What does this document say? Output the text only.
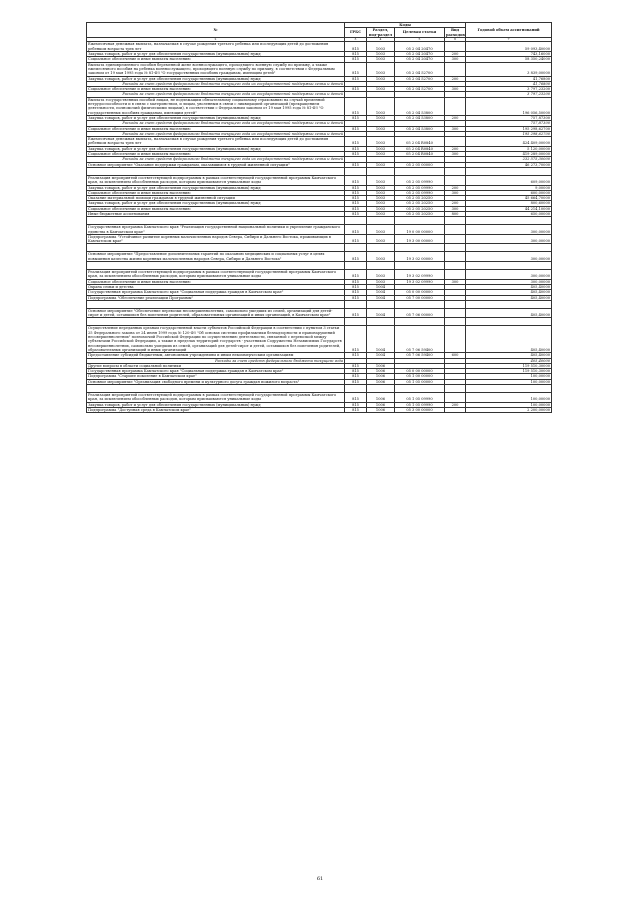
№	Коды				Годовой объем ассигнований
	ГРБС	Раздел, под-раздел	Целевая статья	Вид расходов	
2	3	4	5	6	7
Ежемесячная денежная выплата, назначаемая в случае рождения третьего ребенка или последующих детей до достижения ребенком возраста трех лет	815	1003	05 2 04 20470		59 093,40000
Закупка товаров, работ и услуг для обеспечения государственных (муниципальных) нужд	815	1003	05 2 04 20470	200	743,16000
Социальное обеспечение и иные выплаты населению	815	1003	05 2 04 20470	300	58 350,24000
Выплата единовременного пособия беременной жене военнослужащего, проходящего военную службу по призыву, а также ежемесячного пособия на ребенка военнослужащего, проходящего военную службу по призыву, в соответствии с Федеральным законом от 19 мая 1995 года № 81-ФЗ "О государственных пособиях гражданам, имеющим детей"	815	1003	05 2 04 52700		3 839,00000
Закупка товаров, работ и услуг для обеспечения государственных (муниципальных) нужд	815	1003	05 2 04 52700	200	41,76800
Расходы за счет средств федерального бюджета текущего года из государственной поддержки семьи и детей					41,76800
Социальное обеспечение и иные выплаты населению	815	1003	05 2 04 52700	300	3 797,23200
Расходы за счет средств федерального бюджета текущего года из государственной поддержки семьи и детей					3 797,23200
Выплата государственных пособий лицам, не подлежащим обязательному социальному страхованию на случай временной нетрудоспособности и в связи с материнством, и лицам, уволенным в связи с ликвидацией организаций (прекращением деятельности, полномочий физическими лицами), в соответствии с Федеральным законом от 19 мая 1995 года № 81-ФЗ "О государственных пособиях гражданам, имеющим детей"	815	1003	05 2 04 53800		196 056,50000
Закупка товаров, работ и услуг для обеспечения государственных (муниципальных) нужд	815	1003	05 2 04 53800	200	757,87300
Расходы за счет средств федерального бюджета текущего года из государственной поддержки семьи и детей					757,87300
Социальное обеспечение и иные выплаты населению	815	1003	05 2 04 53800	300	195 298,62700
Расходы за счет средств федерального бюджета текущего года из государственной поддержки семьи и детей					195 298,62700
Ежемесячная денежная выплата, назначаемая в случае рождения третьего ребенка или последующих детей до достижения ребенком возраста трех лет	815	1003	05 2 04 R0840		424 409,00000
Закупка товаров, работ и услуг для обеспечения государственных (муниципальных) нужд	815	1003	05 2 04 R0840	200	5 120,00000
Социальное обеспечение и иные выплаты населению	815	1003	05 2 04 R0840	300	419 289,00000
Расходы за счет средств федерального бюджета текущего года из государственной поддержки семьи и детей					232 575,30000
Основное мероприятие "Оказание поддержки гражданам, оказавшимся в трудной жизненной ситуации"	815	1003	05 2 05 00000		46 273,70000

Реализация мероприятий соответствующей подпрограммы в рамках соответствующей государственной программы Камчатского края, за исключением обособленных расходов, которым присваиваются уникальные коды	815	1003	05 2 05 09990		609,00000
Закупка товаров, работ и услуг для обеспечения государственных (муниципальных) нужд	815	1003	05 2 05 09990	200	9,00000
Социальное обеспечение и иные выплаты населению	815	1003	05 2 05 09990	300	600,00000
Оказание материальной помощи гражданам в трудной жизненной ситуации	815	1003	05 2 05 20250		45 664,70000
Закупка товаров, работ и услуг для обеспечения государственных (муниципальных) нужд	815	1003	05 2 05 20250	200	800,60000
Социальное обеспечение и иные выплаты населению	815	1003	05 2 05 20250	300	44 214,10000
Иные бюджетные ассигнования	815	1003	05 2 05 20250	800	650,00000

Государственная программа Камчатского края "Реализация государственной национальной политики и укрепление гражданского единства в Камчатском крае"	815	1003	19 0 00 00000		300,00000
Подпрограмма "Устойчивое развитие коренных малочисленных народов Севера, Сибири и Дальнего Востока, проживающих в Камчатском крае"	815	1003	19 3 00 00000		300,00000

Основное мероприятие "Предоставление дополнительных гарантий по оказанию медицинских и социальных услуг в целях повышения качества жизни коренных малочисленных народов Севера, Сибири и Дальнего Востока"	815	1003	19 3 02 00000		300,00000

Реализация мероприятий соответствующей подпрограммы в рамках соответствующей государственной программы Камчатского края, за исключением обособленных расходов, которым присваиваются уникальные коды	815	1003	19 3 02 09990		300,00000
Социальное обеспечение и иные выплаты населению	815	1003	19 3 02 09990	300	300,00000
Охрана семьи и детства	815	1004			405,40000
Государственная программа Камчатского края "Социальная поддержка граждан в Камчатском крае"	815	1004	05 0 00 00000		405,40000
Подпрограмма "Обеспечение реализации Программы"	815	1004	05 7 00 00000		405,40000

Основное мероприятие "Обеспечение перевозки несовершеннолетних, самовольно ушедших из семей, организаций для детей-сирот и детей, оставшихся без попечения родителей, образовательных организаций и иных организаций, в Камчатском крае"	815	1004	05 7 06 00000		405,40000

Осуществление переданных органам государственной власти субъектов Российской Федерации в соответствии с пунктом 3 статьи 25 Федерального закона от 24 июня 1999 года № 120-ФЗ "Об основах системы профилактики безнадзорности и правонарушений несовершеннолетних" полномочий Российской Федерации по осуществлению деятельности, связанной с перевозкой между субъектами Российской Федерации, а также в пределах территорий государств - участников Содружества Независимых Государств несовершеннолетних, самовольно ушедших из семей, организаций для детей-сирот и детей, оставшихся без попечения родителей, образовательных организаций и иных организаций	815	1004	05 7 06 59400		405,40000
Предоставление субсидий бюджетным, автономным учреждениям и иным некоммерческим организациям	815	1004	05 7 06 59400	600	405,40000
Расходы за счет средств федерального бюджета текущего года					405,40000
Другие вопросы в области социальной политики	815	1006			119 510,30000
Государственная программа Камчатского края "Социальная поддержка граждан в Камчатском крае"	815	1006	05 0 00 00000		119 510,30000
Подпрограмма "Старшее поколение в Камчатском крае"	815	1006	05 1 00 00000		100,00000
Основное мероприятие "Организация свободного времени и культурного досуга граждан пожилого возраста"	815	1006	05 1 05 00000		100,00000

Реализация мероприятий соответствующей подпрограммы в рамках соответствующей государственной программы Камчатского края, за исключением обособленных расходов, которым присваиваются уникальные коды	815	1006	05 1 05 09990		100,00000
Закупка товаров, работ и услуг для обеспечения государственных (муниципальных) нужд	815	1006	05 1 05 09990	200	100,00000
Подпрограмма "Доступная среда в Камчатском крае"	815	1006	05 3 00 00000		2 200,00000
61
